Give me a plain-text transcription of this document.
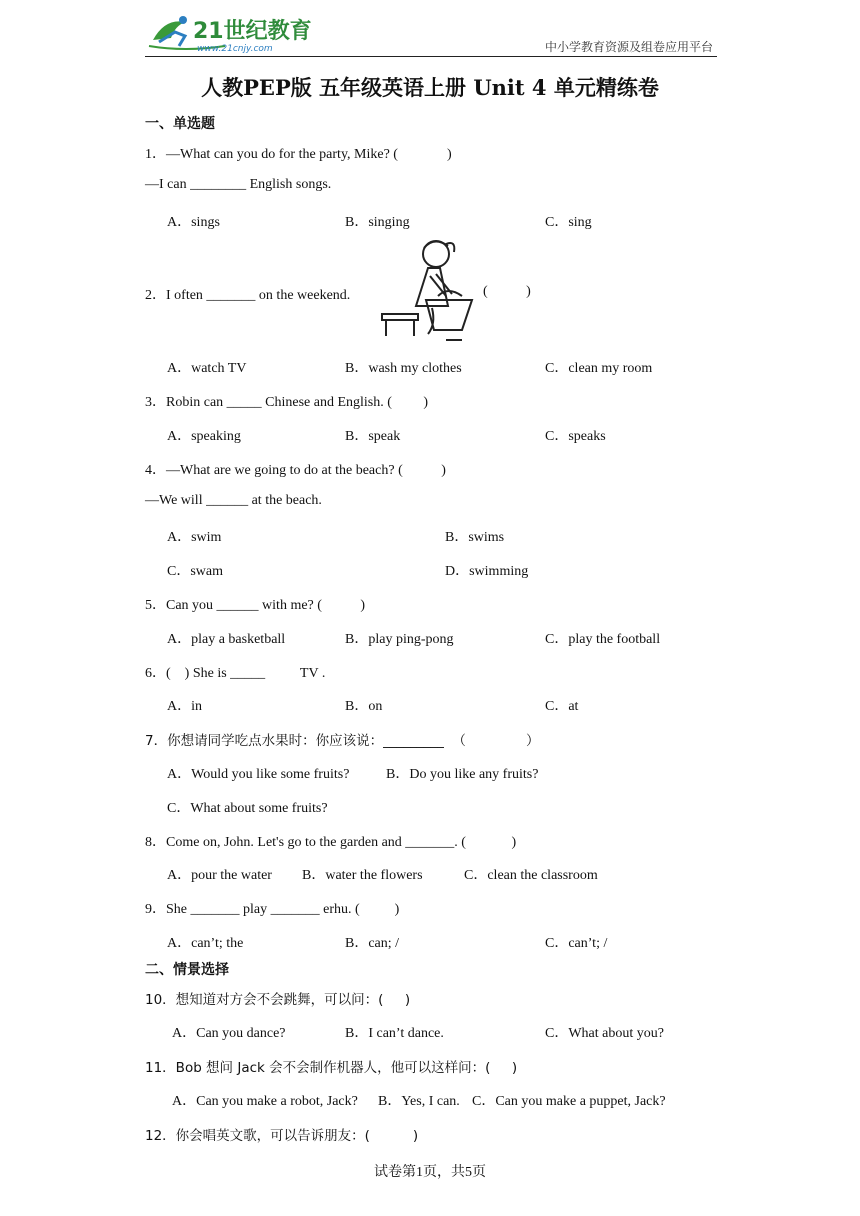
21世纪教育
www.21cnjy.com	中小学教育资源及组卷应用平台
人教PEP版 五年级英语上册 Unit 4 单元精练卷
一、单选题
1．—What can you do for the party, Mike? (              )
—I can ________ English songs.
A．sings	B．singing	C．sing
2．I often _______ on the weekend.	(           )
A．watch TV	B．wash my clothes	C．clean my room
3．Robin can _____ Chinese and English. (         )
A．speaking	B．speak	C．speaks
4．—What are we going to do at the beach? (           )
—We will ______ at the beach.
A．swim	B．swims
C．swam	D．swimming
5．Can you ______ with me? (           )
A．play a basketball	B．play ping-pong	C．play the football
6．(    ) She is _____          TV .
A．in	B．on	C．at
7．你想请同学吃点水果时：你应该说：_________  （              ）
A．Would you like some fruits?	B．Do you like any fruits?
C．What about some fruits?
8．Come on, John. Let's go to the garden and _______. (             )
A．pour the water B．water the flowers	C．clean the classroom
9．She _______ play _______ erhu. (          )
A．can’t; the	B．can; /	C．can’t; /
二、情景选择
10．想知道对方会不会跳舞，可以问：(     )
A．Can you dance?	B．I can’t dance.	C．What about you?
11．Bob 想问 Jack 会不会制作机器人，他可以这样问：(     )
A．Can you make a robot, Jack? B．Yes, I can. C．Can you make a puppet, Jack?
12．你会唱英文歌，可以告诉朋友：(          )
试卷第1页，共5页
